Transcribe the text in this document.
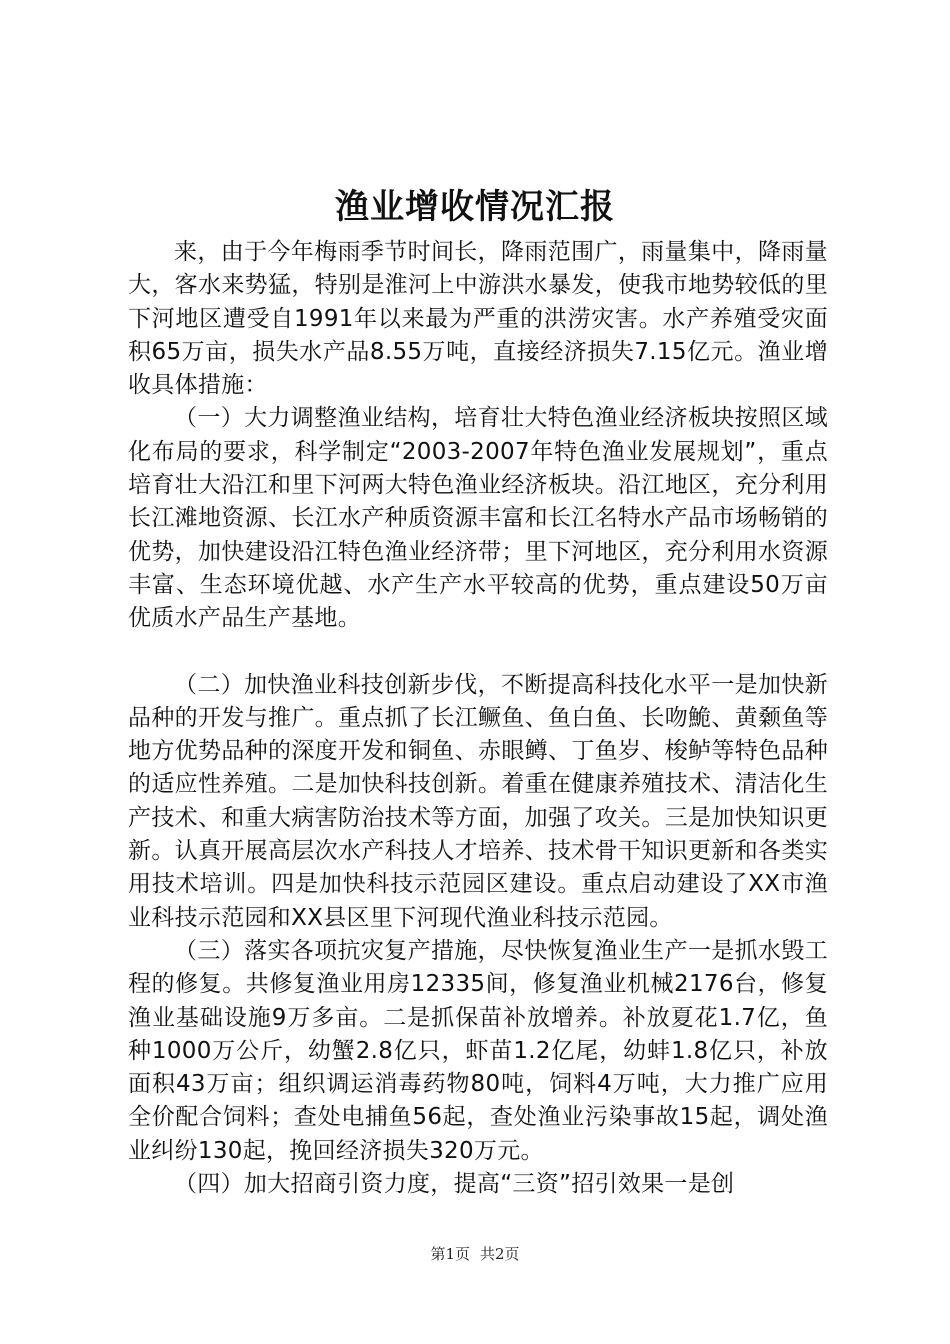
渔业增收情况汇报

来，由于今年梅雨季节时间长，降雨范围广，雨量集中，降雨量大，客水来势猛，特别是淮河上中游洪水暴发，使我市地势较低的里下河地区遭受自1991年以来最为严重的洪涝灾害。水产养殖受灾面积65万亩，损失水产品8.55万吨，直接经济损失7.15亿元。渔业增收具体措施：

（一）大力调整渔业结构，培育壮大特色渔业经济板块按照区域化布局的要求，科学制定“2003-2007年特色渔业发展规划”，重点培育壮大沿江和里下河两大特色渔业经济板块。沿江地区，充分利用长江滩地资源、长江水产种质资源丰富和长江名特水产品市场畅销的优势，加快建设沿江特色渔业经济带；里下河地区，充分利用水资源丰富、生态环境优越、水产生产水平较高的优势，重点建设50万亩优质水产品生产基地。

（二）加快渔业科技创新步伐，不断提高科技化水平一是加快新品种的开发与推广。重点抓了长江鳜鱼、鱼白鱼、长吻鮠、黄颡鱼等地方优势品种的深度开发和铜鱼、赤眼鳟、丁鱼岁、梭鲈等特色品种的适应性养殖。二是加快科技创新。着重在健康养殖技术、清洁化生产技术、和重大病害防治技术等方面，加强了攻关。三是加快知识更新。认真开展高层次水产科技人才培养、技术骨干知识更新和各类实用技术培训。四是加快科技示范园区建设。重点启动建设了XX市渔业科技示范园和XX县区里下河现代渔业科技示范园。

（三）落实各项抗灾复产措施，尽快恢复渔业生产一是抓水毁工程的修复。共修复渔业用房12335间，修复渔业机械2176台，修复渔业基础设施9万多亩。二是抓保苗补放增养。补放夏花1.7亿，鱼种1000万公斤，幼蟹2.8亿只，虾苗1.2亿尾，幼蚌1.8亿只，补放面积43万亩；组织调运消毒药物80吨，饲料4万吨，大力推广应用全价配合饲料；查处电捕鱼56起，查处渔业污染事故15起，调处渔业纠纷130起，挽回经济损失320万元。

（四）加大招商引资力度，提高“三资”招引效果一是创

第1页 共2页
